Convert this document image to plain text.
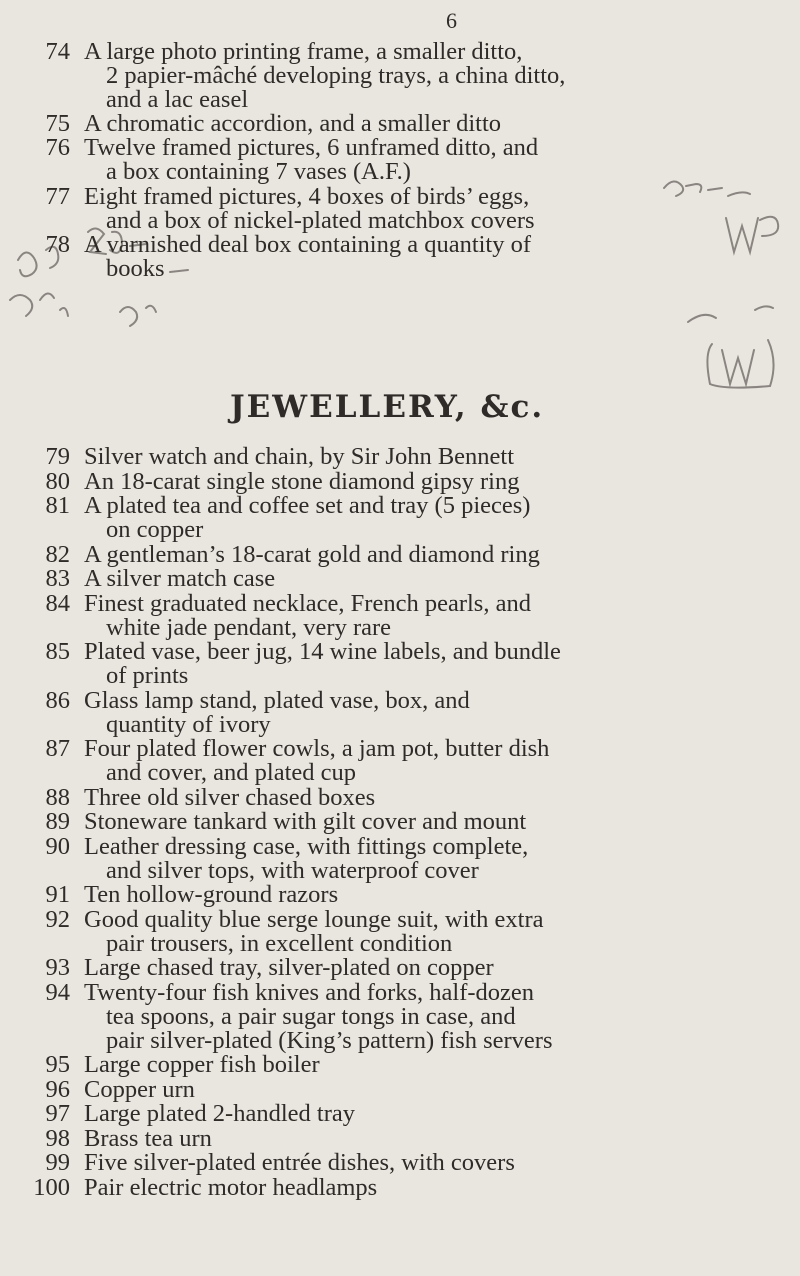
6
74 A large photo printing frame, a smaller ditto,
2 papier-mâché developing trays, a china ditto,
and a lac easel
75 A chromatic accordion, and a smaller ditto
76 Twelve framed pictures, 6 unframed ditto, and
a box containing 7 vases (A.F.)
77 Eight framed pictures, 4 boxes of birds’ eggs,
and a box of nickel-plated matchbox covers
78 A varnished deal box containing a quantity of
books
JEWELLERY, &c.
79 Silver watch and chain, by Sir John Bennett
80 An 18-carat single stone diamond gipsy ring
81 A plated tea and coffee set and tray (5 pieces)
on copper
82 A gentleman’s 18-carat gold and diamond ring
83 A silver match case
84 Finest graduated necklace, French pearls, and
white jade pendant, very rare
85 Plated vase, beer jug, 14 wine labels, and bundle
of prints
86 Glass lamp stand, plated vase, box, and
quantity of ivory
87 Four plated flower cowls, a jam pot, butter dish
and cover, and plated cup
88 Three old silver chased boxes
89 Stoneware tankard with gilt cover and mount
90 Leather dressing case, with fittings complete,
and silver tops, with waterproof cover
91 Ten hollow-ground razors
92 Good quality blue serge lounge suit, with extra
pair trousers, in excellent condition
93 Large chased tray, silver-plated on copper
94 Twenty-four fish knives and forks, half-dozen
tea spoons, a pair sugar tongs in case, and
pair silver-plated (King’s pattern) fish servers
95 Large copper fish boiler
96 Copper urn
97 Large plated 2-handled tray
98 Brass tea urn
99 Five silver-plated entrée dishes, with covers
100 Pair electric motor headlamps
